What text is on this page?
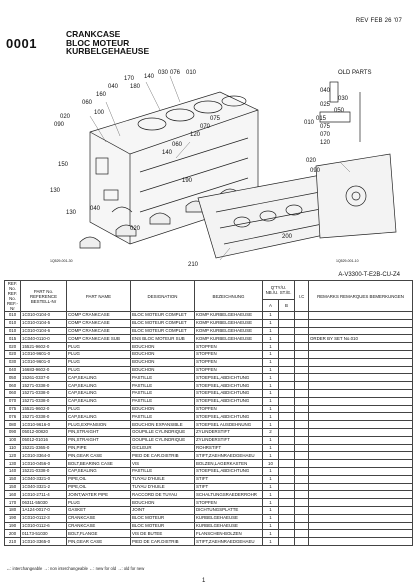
REV FEB 26 '07
0001
CRANKCASE
BLOC MOTEUR
KURBELGEHAEUSE
076
170 140
030
040 180
160
010
060
100
020
090
075
070
120
060
140
130
040
150
130
190
020
200
210
040
030
025
050
010
015
075
070
120
020
090
1Q529-001-30	1Q529-001-10
OLD PARTS
A-V3300-T-E2B-CU-Z4
REF. No. REF. No. REF.-Nr	PART No. REFERENCE BESTELL-Nr	PART NAME	DESIGNATION	BEZEICHNUNG	Q'TY/U. NB./U. ST./E.		I.C	REMARKS REMARQUES BEMERKUNGEN
					A	B		
010	1C010-0104-0	COMP CRANKCASE	BLOC MOTEUR COMPLET	KOMP KURBELGEHAEUSE	1			
010	1C010-0104-5	COMP CRANKCASE	BLOC MOTEUR COMPLET	KOMP KURBELGEHAEUSE	1			
010	1C010-0104-6	COMP CRANKCASE	BLOC MOTEUR COMPLET	KOMP KURBELGEHAEUSE	1			
015	1C040-0110-0	COMP CRANKCASE SUB	ENS BLOC MOTEUR SUB	KOMP KURBELGEHAEUSE	1			ORDER BY SET No.010
020	15521-9602-0	PLUG	BOUCHON	STOPFEN	1			
020	1C010-9601-0	PLUG	BOUCHON	STOPFEN	1			
030	1C010-9601-0	PLUG	BOUCHON	STOPFEN	1			
040	16683-9602-0	PLUG	BOUCHON	STOPFEN	1			
050	15261-0337-0	CAP,SEALING	PASTILLE	STOEPSEL,ABDICHTUNG	1			
060	15271-0338-0	CAP,SEALING	PASTILLE	STOEPSEL,ABDICHTUNG	1			
060	15271-0338-0	CAP,SEALING	PASTILLE	STOEPSEL,ABDICHTUNG	1			
070	15271-0338-0	CAP,SEALING	PASTILLE	STOEPSEL,ABDICHTUNG	1			
075	15521-9602-0	PLUG	BOUCHON	STOPFEN	1			
076	15271-0338-0	CAP,SEALING	PASTILLE	STOEPSEL,ABDICHTUNG	1			
080	1C010-9616-0	PLUG,EXPANSION	BOUCHON EXPANSIBLE	STOEPSEL AUSDEHNUNG	1			
090	05012-00820	PIN,STRAIGHT	GOUPILLE CYLINDRIQUE	ZYLINDERSTIFT	2			
100	05012-01016	PIN,STRAIGHT	GOUPILLE CYLINDRIQUE	ZYLINDERSTIFT	1			
110	15221-3365-0	PIN,PIPE	GICLEUR	ROHRSTIFT	1			
120	1C010-3364-0	PIN,GEAR CASE	PIED DE CAR.DISTRIB	STIFT,ZAEHNRAEDGEHAEU	1			
130	1C010-0456-0	BOLT,BEARING CASE	VIS	BOLZEN,LAGERKASTEN	10			
140	15221-0338-0	CAP,SEALING	PASTILLE	STOEPSEL,ABDICHTUNG	1			
150	1C040-3321-0	PIPE,OIL	TUYAU D'HUILE	STIFT	1			
150	1C040-3321-2	PIPE,OIL	TUYAU D'HUILE	STIFT	1			
160	1C010-2711-4	JOINT,WATER PIPE	RACCORD DE TUYAU	SCHALTUNGSRAEDERROHR	1			
170	06311-55030	PLUG	BOUCHON	STOPFEN	1			
180	1A124-0017-0	GASKET	JOINT	DICHTUNGSPLATTE	1			
190	1C010-0112-3	CRANKCASE	BLOC MOTEUR	KURBELGEHAEUSE	1			
190	1C010-0112-6	CRANKCASE	BLOC MOTEUR	KURBELGEHAEUSE	1			
200	01173-51030	BOLT,FLANGE	VIS DE BUTEE	FLANSCHEN-BOLZEN	1			
210	1C010-3365-0	PIN,GEAR CASE	PIED DE CAR.DISTRIB	STIFT,ZAEHNRAEDGEHAEU	1			
↔: interchangeable →: non interchangeable ←: new for old →: old for new
1
